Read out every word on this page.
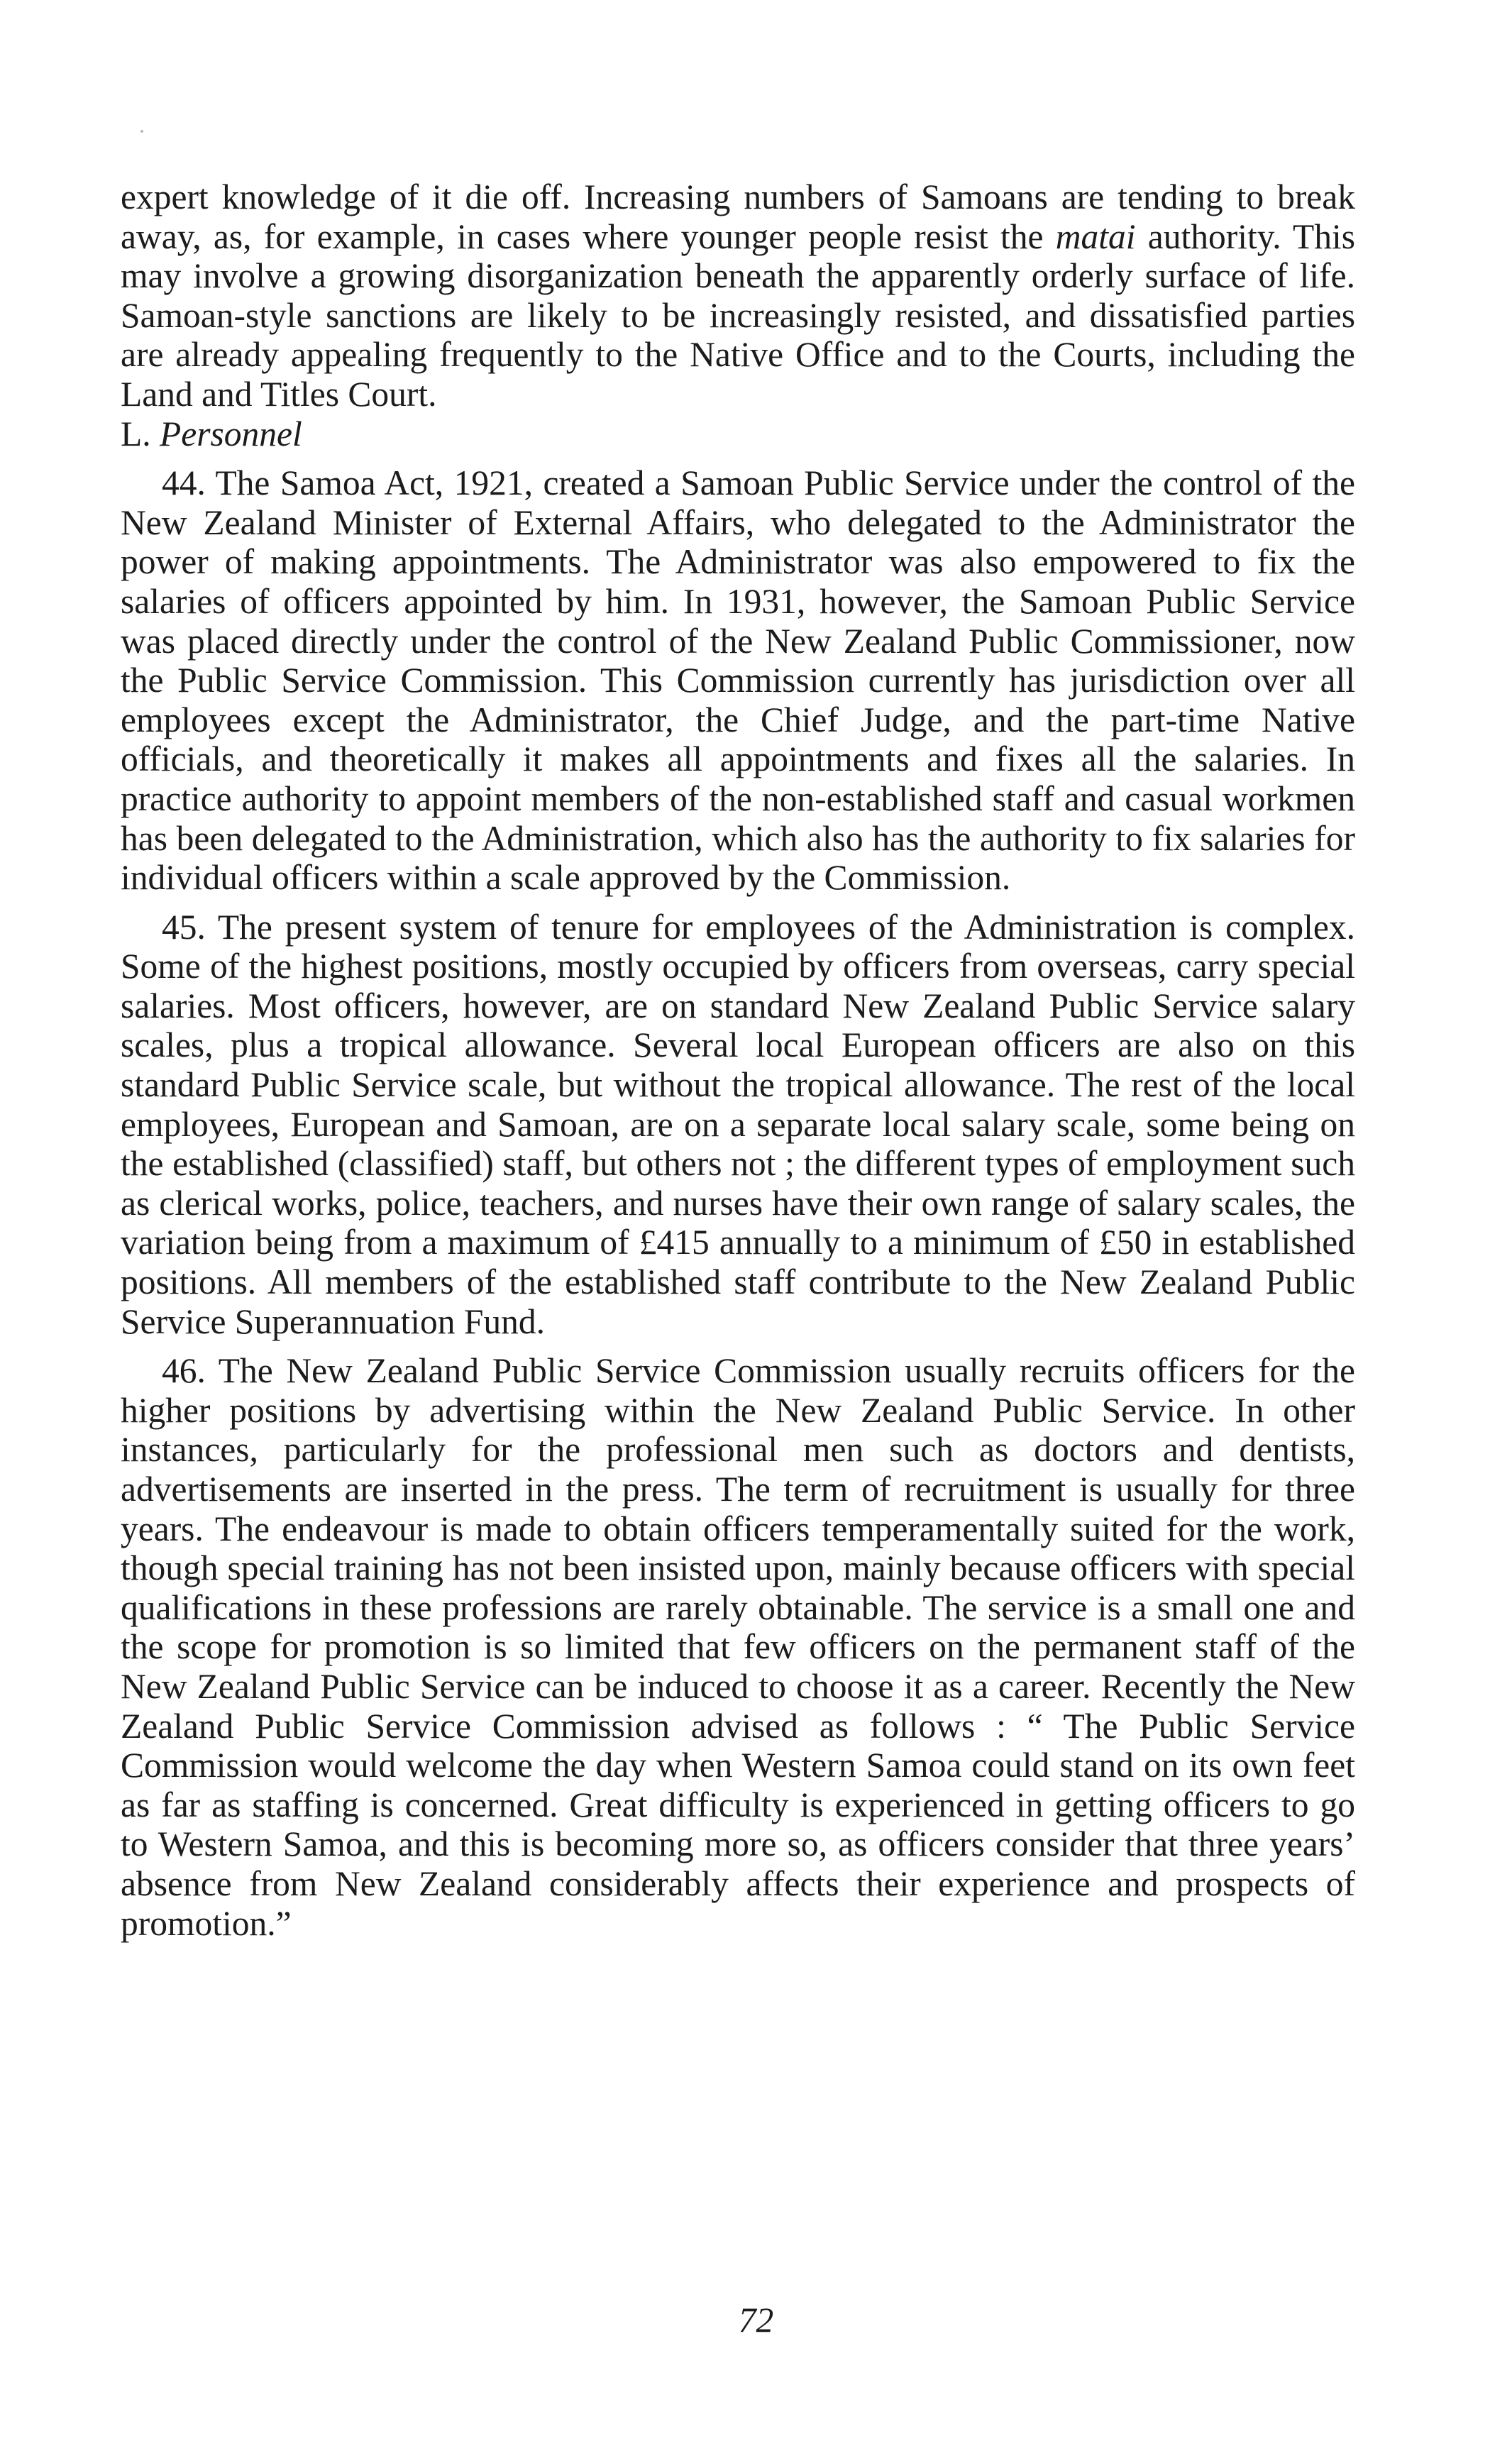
expert knowledge of it die off. Increasing numbers of Samoans are tending to break away, as, for example, in cases where younger people resist the matai authority. This may involve a growing disorganization beneath the apparently orderly surface of life. Samoan-style sanctions are likely to be increasingly resisted, and dissatisfied parties are already appealing frequently to the Native Office and to the Courts, including the Land and Titles Court.

L. Personnel

44. The Samoa Act, 1921, created a Samoan Public Service under the control of the New Zealand Minister of External Affairs, who delegated to the Administrator the power of making appointments. The Administrator was also empowered to fix the salaries of officers appointed by him. In 1931, however, the Samoan Public Service was placed directly under the control of the New Zealand Public Commissioner, now the Public Service Commission. This Commission currently has jurisdiction over all employees except the Administrator, the Chief Judge, and the part-time Native officials, and theoretically it makes all appointments and fixes all the salaries. In practice authority to appoint members of the non-established staff and casual workmen has been delegated to the Administration, which also has the authority to fix salaries for individual officers within a scale approved by the Commission.

45. The present system of tenure for employees of the Administration is complex. Some of the highest positions, mostly occupied by officers from overseas, carry special salaries. Most officers, however, are on standard New Zealand Public Service salary scales, plus a tropical allowance. Several local European officers are also on this standard Public Service scale, but without the tropical allowance. The rest of the local employees, European and Samoan, are on a separate local salary scale, some being on the established (classified) staff, but others not ; the different types of employment such as clerical works, police, teachers, and nurses have their own range of salary scales, the variation being from a maximum of £415 annually to a minimum of £50 in established positions. All members of the established staff contribute to the New Zealand Public Service Superannuation Fund.

46. The New Zealand Public Service Commission usually recruits officers for the higher positions by advertising within the New Zealand Public Service. In other instances, particularly for the professional men such as doctors and dentists, advertisements are inserted in the press. The term of recruitment is usually for three years. The endeavour is made to obtain officers temperamentally suited for the work, though special training has not been insisted upon, mainly because officers with special qualifications in these professions are rarely obtainable. The service is a small one and the scope for promotion is so limited that few officers on the permanent staff of the New Zealand Public Service can be induced to choose it as a career. Recently the New Zealand Public Service Commission advised as follows : “ The Public Service Commission would welcome the day when Western Samoa could stand on its own feet as far as staffing is concerned. Great difficulty is experienced in getting officers to go to Western Samoa, and this is becoming more so, as officers consider that three years’ absence from New Zealand considerably affects their experience and prospects of promotion.”

72
